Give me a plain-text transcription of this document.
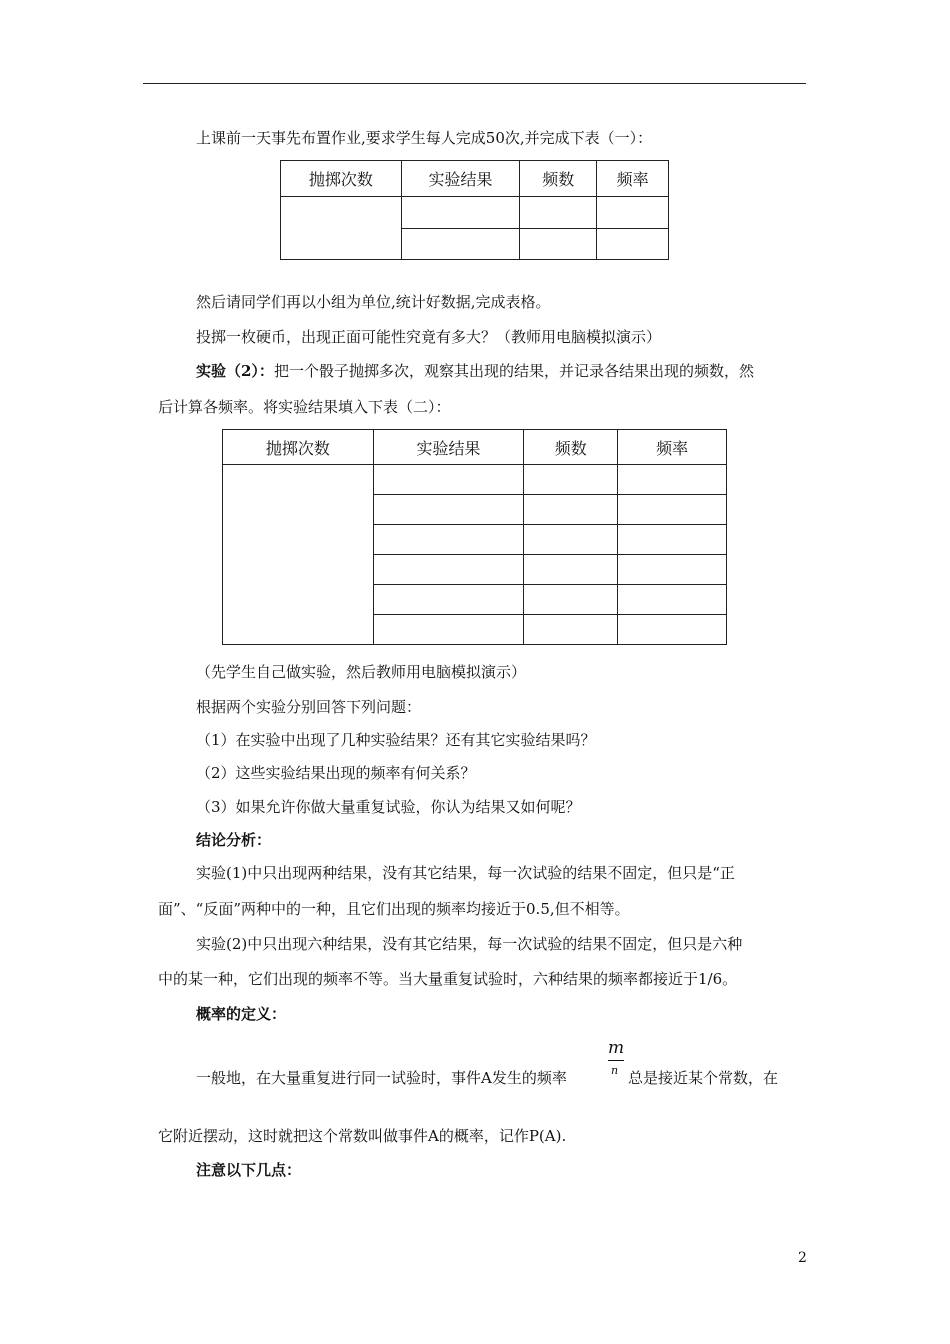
上课前一天事先布置作业,要求学生每人完成50次,并完成下表（一）：
抛掷次数	实验结果	频数	频率

然后请同学们再以小组为单位,统计好数据,完成表格。
投掷一枚硬币，出现正面可能性究竟有多大？（教师用电脑模拟演示）
实验（2）：把一个骰子抛掷多次，观察其出现的结果，并记录各结果出现的频数，然
后计算各频率。将实验结果填入下表（二）：
抛掷次数	实验结果	频数	频率

（先学生自己做实验，然后教师用电脑模拟演示）
根据两个实验分别回答下列问题：
（1）在实验中出现了几种实验结果？还有其它实验结果吗？
（2）这些实验结果出现的频率有何关系？
（3）如果允许你做大量重复试验，你认为结果又如何呢？
结论分析：
实验(1)中只出现两种结果，没有其它结果，每一次试验的结果不固定，但只是“正
面”、“反面”两种中的一种，且它们出现的频率均接近于0.5,但不相等。
实验(2)中只出现六种结果，没有其它结果，每一次试验的结果不固定，但只是六种
中的某一种，它们出现的频率不等。当大量重复试验时，六种结果的频率都接近于1/6。
概率的定义：
一般地，在大量重复进行同一试验时，事件A发生的频率
m
n 总是接近某个常数，在
它附近摆动，这时就把这个常数叫做事件A的概率，记作P(A).
注意以下几点：
2
